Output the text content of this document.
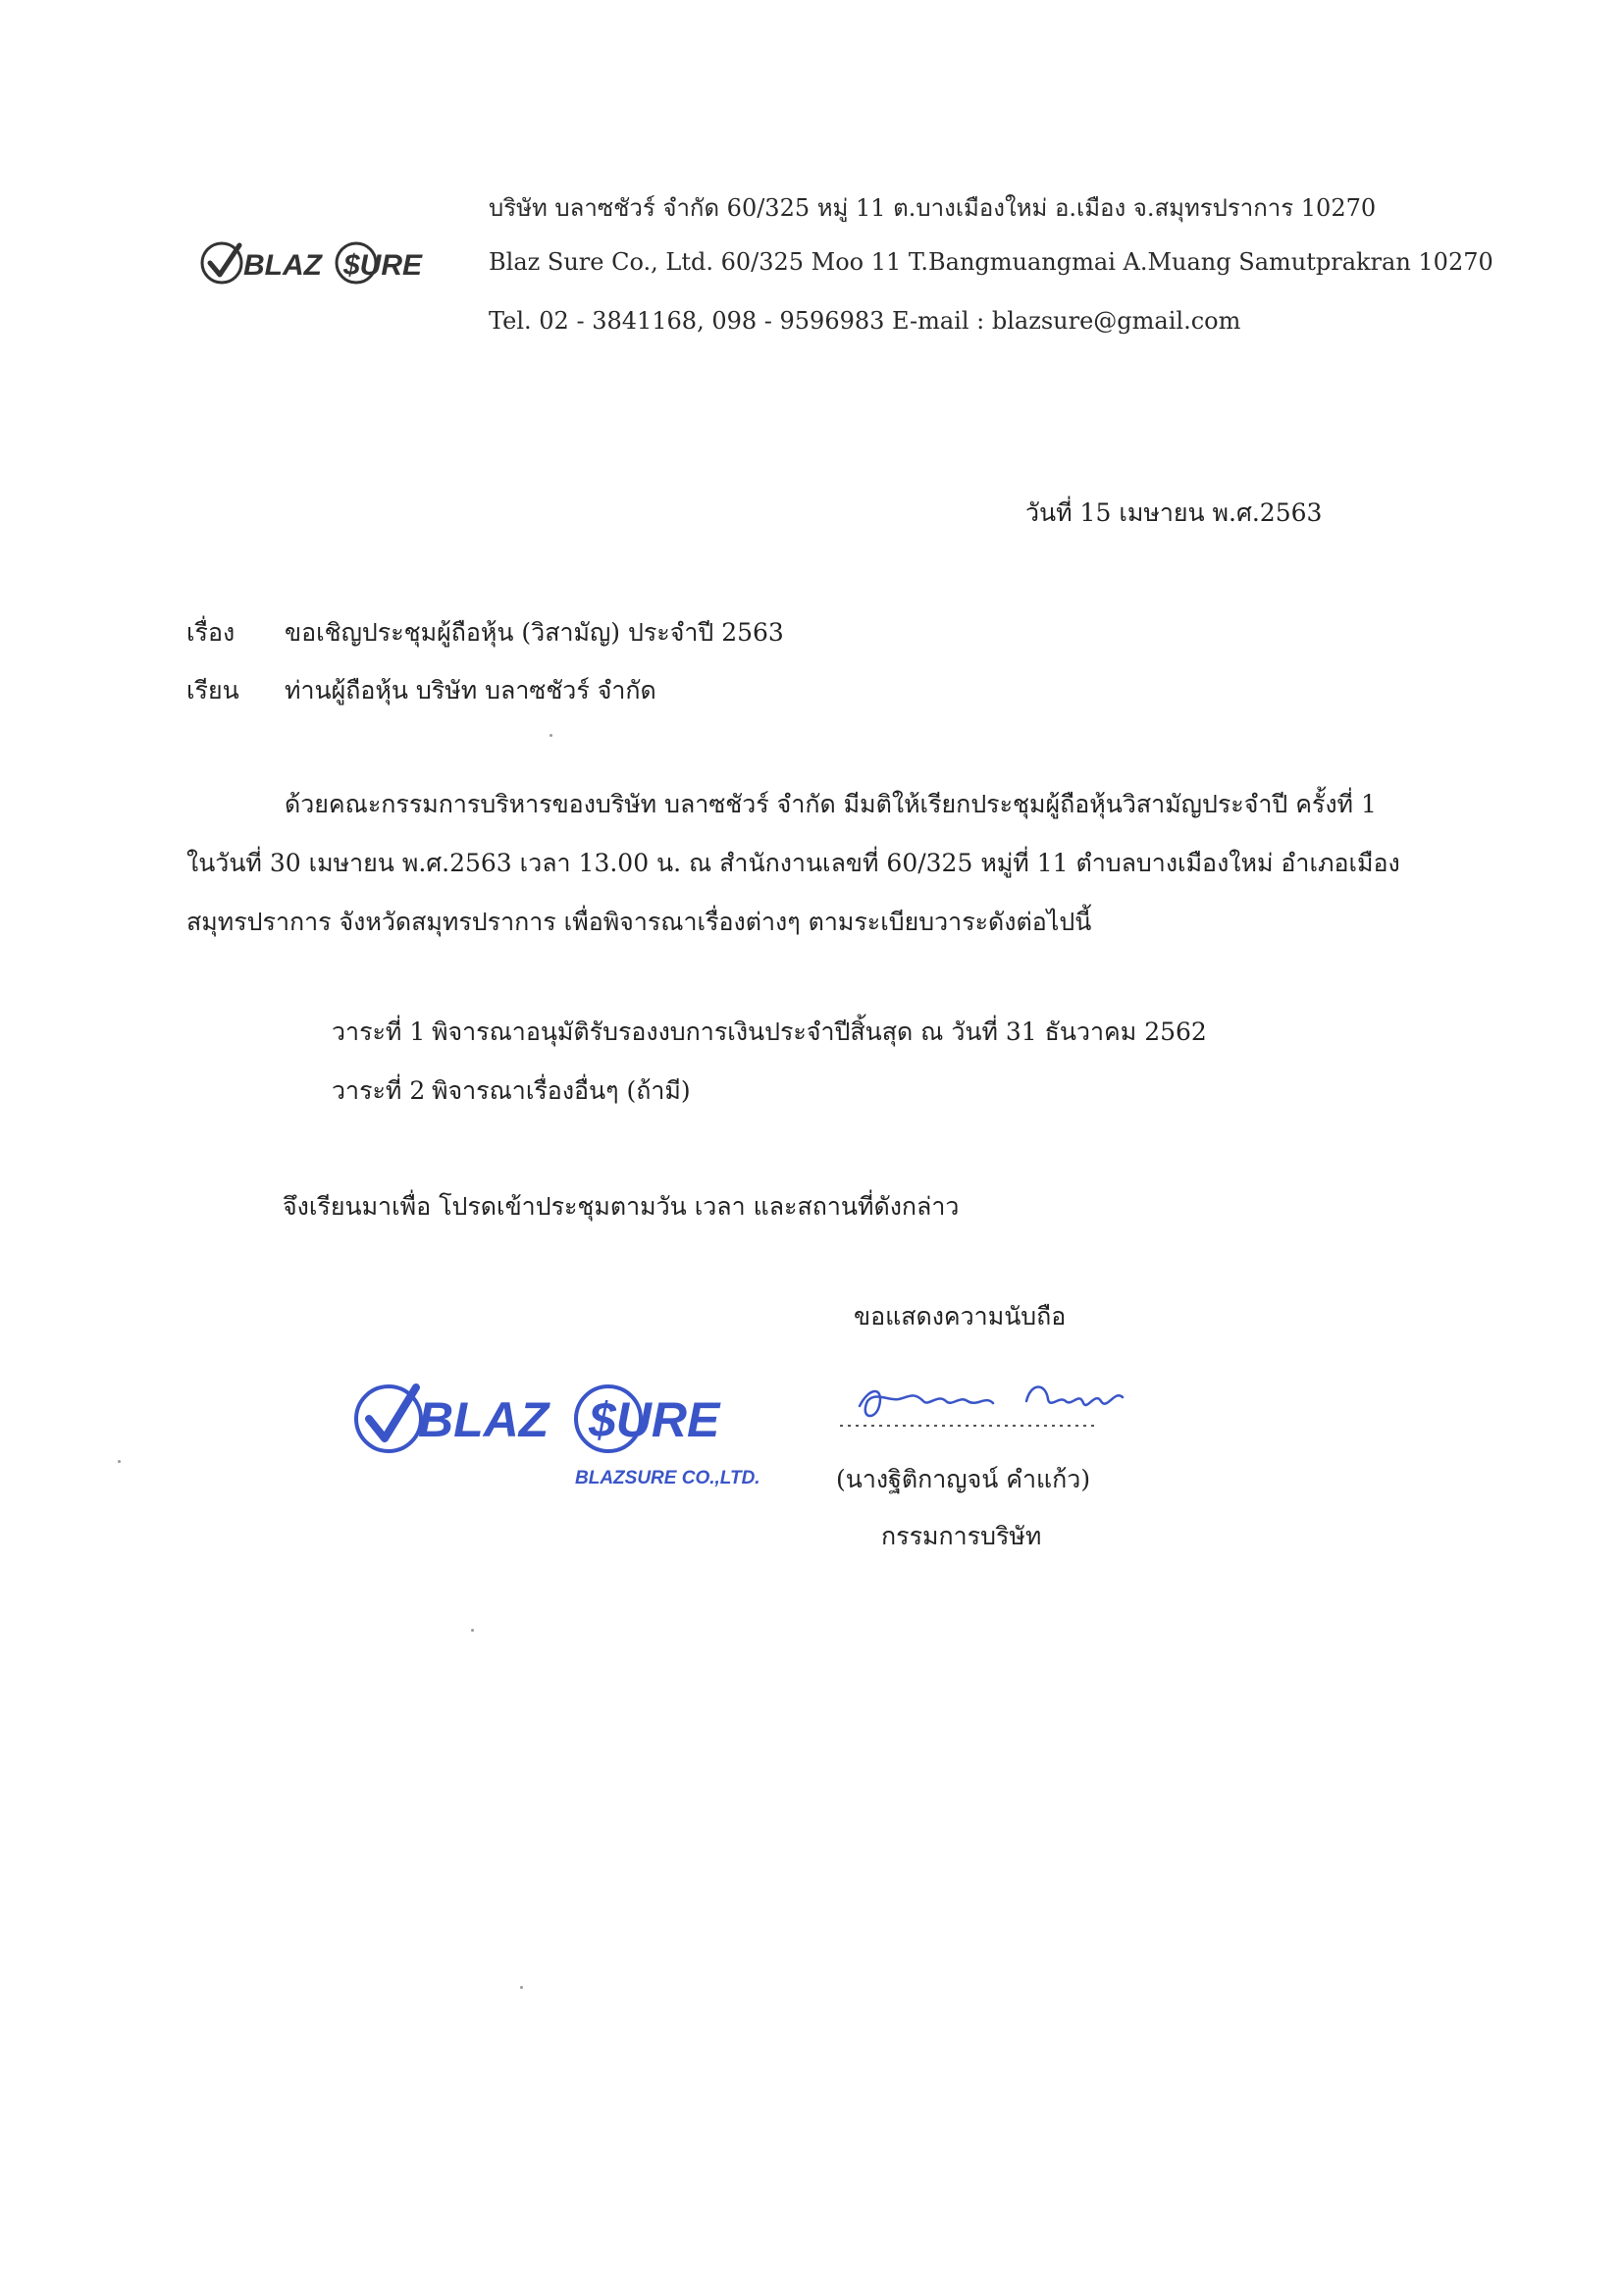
BLAZ $URE
บริษัท บลาซชัวร์ จำกัด 60/325 หมู่ 11 ต.บางเมืองใหม่ อ.เมือง จ.สมุทรปราการ 10270
Blaz Sure Co., Ltd. 60/325 Moo 11 T.Bangmuangmai A.Muang Samutprakran 10270
Tel. 02 - 3841168, 098 - 9596983 E-mail : blazsure@gmail.com
วันที่ 15 เมษายน พ.ศ.2563
เรื่อง ขอเชิญประชุมผู้ถือหุ้น (วิสามัญ) ประจำปี 2563
เรียน ท่านผู้ถือหุ้น บริษัท บลาซชัวร์ จำกัด
ด้วยคณะกรรมการบริหารของบริษัท บลาซชัวร์ จำกัด มีมติให้เรียกประชุมผู้ถือหุ้นวิสามัญประจำปี ครั้งที่ 1
ในวันที่ 30 เมษายน พ.ศ.2563 เวลา 13.00 น. ณ สำนักงานเลขที่ 60/325 หมู่ที่ 11 ตำบลบางเมืองใหม่ อำเภอเมือง
สมุทรปราการ จังหวัดสมุทรปราการ เพื่อพิจารณาเรื่องต่างๆ ตามระเบียบวาระดังต่อไปนี้
วาระที่ 1 พิจารณาอนุมัติรับรองงบการเงินประจำปีสิ้นสุด ณ วันที่ 31 ธันวาคม 2562
วาระที่ 2 พิจารณาเรื่องอื่นๆ (ถ้ามี)
จึงเรียนมาเพื่อ โปรดเข้าประชุมตามวัน เวลา และสถานที่ดังกล่าว
ขอแสดงความนับถือ
BLAZ $URE
BLAZSURE CO.,LTD.	(นางฐิติกาญจน์ คำแก้ว)
กรรมการบริษัท
